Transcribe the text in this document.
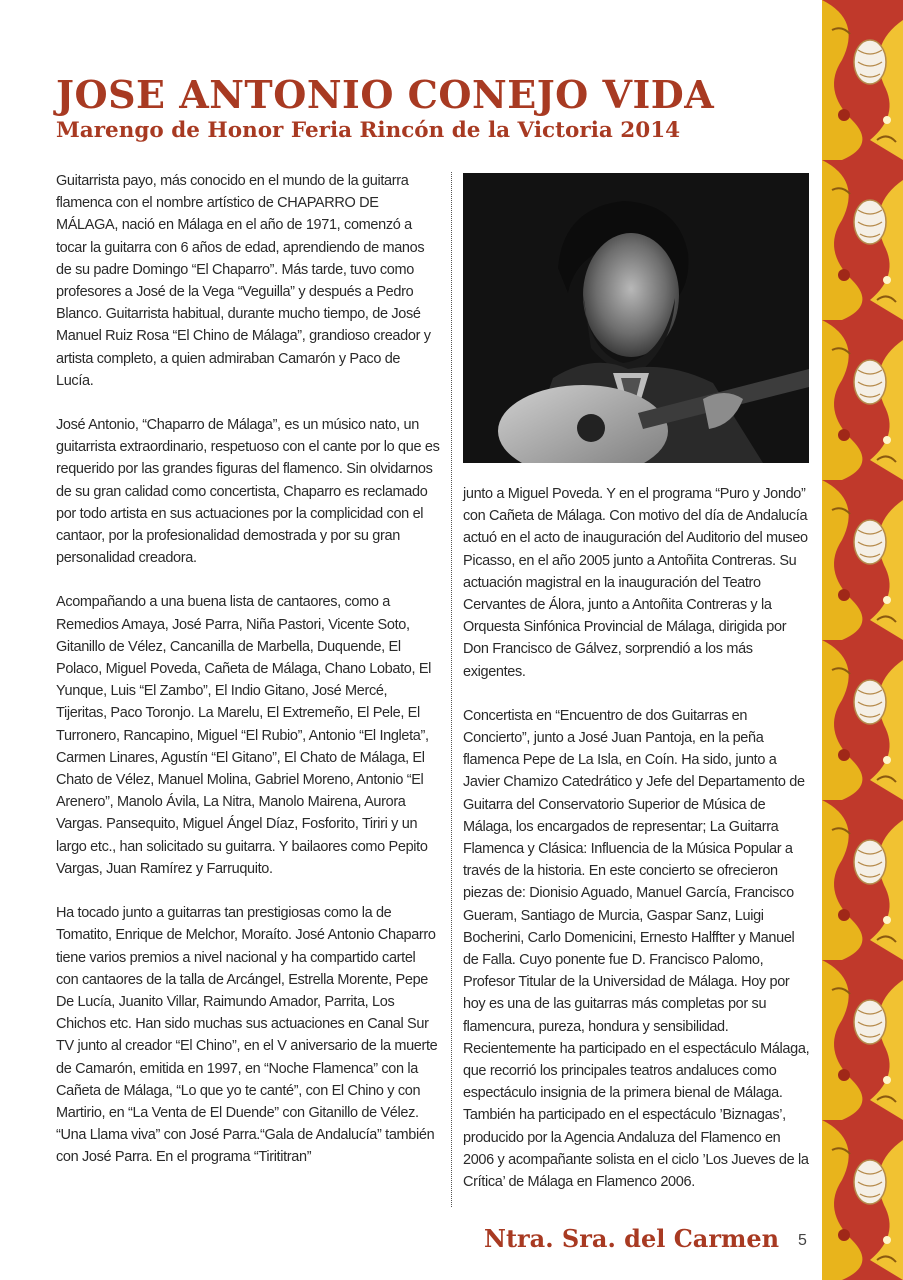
JOSE ANTONIO CONEJO VIDA
Marengo de Honor Feria Rincón de la Victoria 2014

Guitarrista payo, más conocido en el mundo de la guitarra flamenca con el nombre artístico de CHAPARRO DE MÁLAGA, nació en Málaga en el año de 1971, comenzó a tocar la guitarra con 6 años de edad, aprendiendo de manos de su padre Domingo “El Chaparro”. Más tarde, tuvo como profesores a José de la Vega “Veguilla” y después a Pedro Blanco. Guitarrista habitual, durante mucho tiempo, de José Manuel Ruiz Rosa “El Chino de Málaga”, grandioso creador y artista completo, a quien admiraban Camarón y Paco de Lucía.

José Antonio, “Chaparro de Málaga”, es un músico nato, un guitarrista extraordinario, respetuoso con el cante por lo que es requerido por las grandes figuras del flamenco. Sin olvidarnos de su gran calidad como concertista, Chaparro es reclamado por todo artista en sus actuaciones por la complicidad con el cantaor, por la profesionalidad demostrada y por su gran personalidad creadora.

Acompañando a una buena lista de cantaores, como a Remedios Amaya, José Parra, Niña Pastori, Vicente Soto, Gitanillo de Vélez, Cancanilla de Marbella, Duquende, El Polaco, Miguel Poveda, Cañeta de Málaga, Chano Lobato, El Yunque, Luis “El Zambo”, El Indio Gitano, José Mercé, Tijeritas, Paco Toronjo. La Marelu, El Extremeño, El Pele, El Turronero, Rancapino, Miguel “El Rubio”, Antonio “El Ingleta”, Carmen Linares, Agustín “El Gitano”, El Chato de Málaga, El Chato de Vélez, Manuel Molina, Gabriel Moreno, Antonio “El Arenero”, Manolo Ávila, La Nitra, Manolo Mairena, Aurora Vargas. Pansequito, Miguel Ángel Díaz, Fosforito, Tiriri y un largo etc., han solicitado su guitarra. Y bailaores como Pepito Vargas, Juan Ramírez y Farruquito.

Ha tocado junto a guitarras tan prestigiosas como la de Tomatito, Enrique de Melchor, Moraíto. José Antonio Chaparro tiene varios premios a nivel nacional y ha compartido cartel con cantaores de la talla de Arcángel, Estrella Morente, Pepe De Lucía, Juanito Villar, Raimundo Amador, Parrita, Los Chichos etc. Han sido muchas sus actuaciones en Canal Sur TV junto al creador “El Chino”, en el V aniversario de la muerte de Camarón, emitida en 1997, en “Noche Flamenca” con la Cañeta de Málaga, “Lo que yo te canté”, con El Chino y con Martirio, en “La Venta de El Duende” con Gitanillo de Vélez. “Una Llama viva” con José Parra.“Gala de Andalucía” también con José Parra. En el programa “Tirititran”

junto a Miguel Poveda. Y en el programa “Puro y Jondo” con Cañeta de Málaga. Con motivo del día de Andalucía actuó en el acto de inauguración del Auditorio del museo Picasso, en el año 2005 junto a Antoñita Contreras. Su actuación magistral en la inauguración del Teatro Cervantes de Álora, junto a Antoñita Contreras y la Orquesta Sinfónica Provincial de Málaga, dirigida por Don Francisco de Gálvez, sorprendió a los más exigentes.

Concertista en “Encuentro de dos Guitarras en Concierto”, junto a José Juan Pantoja, en la peña flamenca Pepe de La Isla, en Coín. Ha sido, junto a Javier Chamizo Catedrático y Jefe del Departamento de Guitarra del Conservatorio Superior de Música de Málaga, los encargados de representar; La Guitarra Flamenca y Clásica: Influencia de la Música Popular a través de la historia. En este concierto se ofrecieron piezas de: Dionisio Aguado, Manuel García, Francisco Gueram, Santiago de Murcia, Gaspar Sanz, Luigi Bocherini, Carlo Domenicini, Ernesto Halffter y Manuel de Falla. Cuyo ponente fue D. Francisco Palomo, Profesor Titular de la Universidad de Málaga. Hoy por hoy es una de las guitarras más completas por su flamencura, pureza, hondura y sensibilidad. Recientemente ha participado en el espectáculo Málaga, que recorrió los principales teatros andaluces como espectáculo insignia de la primera bienal de Málaga. También ha participado en el espectáculo ’Biznagas’, producido por la Agencia Andaluza del Flamenco en 2006 y acompañante solista en el ciclo ’Los Jueves de la Crítica’ de Málaga en Flamenco 2006.

Ntra. Sra. del Carmen 5
